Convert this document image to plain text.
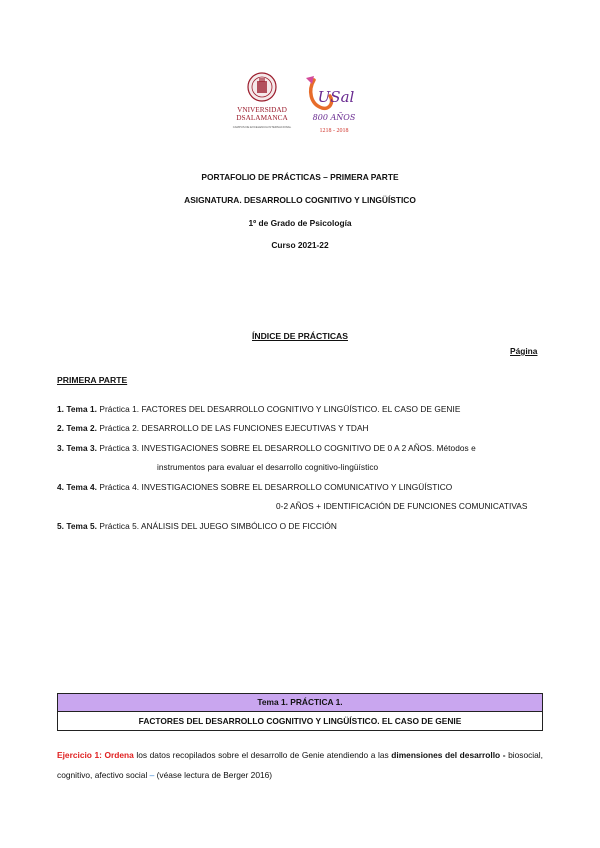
VNIVERSIDAD
DSALAMANCA
CAMPUS DE EXCELENCIA INTERNACIONAL
USal
800 AÑOS
1218 - 2018
PORTAFOLIO DE PRÁCTICAS – PRIMERA PARTE
ASIGNATURA. DESARROLLO COGNITIVO Y LINGÜÍSTICO
1º de Grado de Psicología
Curso 2021-22
ÍNDICE DE PRÁCTICAS
Página
PRIMERA PARTE
1. Tema 1. Práctica 1. FACTORES DEL DESARROLLO COGNITIVO Y LINGÜÍSTICO. EL CASO DE GENIE
2. Tema 2. Práctica 2. DESARROLLO DE LAS FUNCIONES EJECUTIVAS Y TDAH
3. Tema 3. Práctica 3. INVESTIGACIONES SOBRE EL DESARROLLO COGNITIVO DE 0 A 2 AÑOS. Métodos e
instrumentos para evaluar el desarrollo cognitivo-lingüístico
4. Tema 4. Práctica 4. INVESTIGACIONES SOBRE EL DESARROLLO COMUNICATIVO Y LINGÜÍSTICO
0-2 AÑOS + IDENTIFICACIÓN DE FUNCIONES COMUNICATIVAS
5. Tema 5. Práctica 5. ANÁLISIS DEL JUEGO SIMBÓLICO O DE FICCIÓN
Tema 1. PRÁCTICA 1.
FACTORES DEL DESARROLLO COGNITIVO Y LINGÜÍSTICO. EL CASO DE GENIE
Ejercicio 1: Ordena los datos recopilados sobre el desarrollo de Genie atendiendo a las dimensiones del desarrollo - biosocial, cognitivo, afectivo social – (véase lectura de Berger 2016)
